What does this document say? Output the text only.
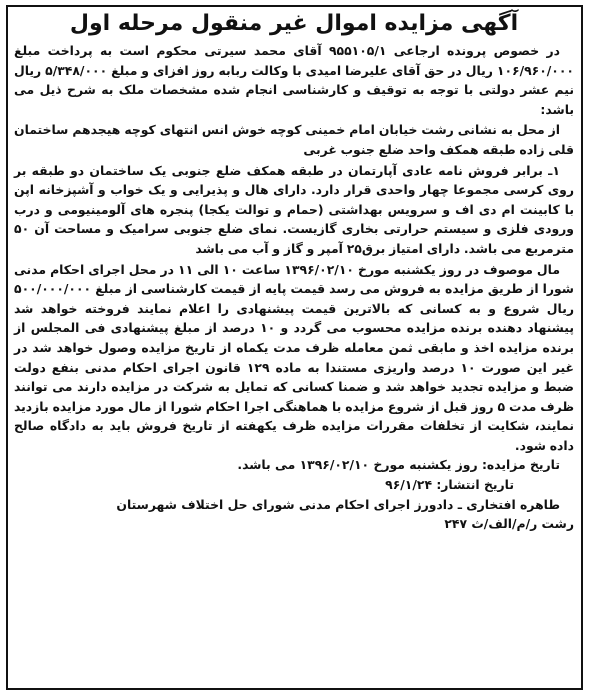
آگهی مزایده اموال غیر منقول مرحله اول

در خصوص پرونده ارجاعی ۹۵۵۱۰۵/۱ آقای محمد سیرتی محکوم است به پرداخت مبلغ ۱۰۶/۹۶۰/۰۰۰ ریال در حق آقای علیرضا امیدی با وکالت ربابه روز افزای و مبلغ ۵/۳۴۸/۰۰۰ ریال نیم عشر دولتی با توجه به توقیف و کارشناسی انجام شده مشخصات ملک به شرح ذیل می باشد:

از محل به نشانی رشت خیابان امام خمینی کوچه خوش انس انتهای کوچه هیجدهم ساختمان قلی زاده طبقه همکف واحد ضلع جنوب غربی

۱ـ برابر فروش نامه عادی آپارتمان در طبقه همکف ضلع جنوبی یک ساختمان دو طبقه بر روی کرسی مجموعا چهار واحدی قرار دارد. دارای هال و پذیرایی و یک خواب و آشپزخانه اپن با کابینت ام دی اف و سرویس بهداشتی (حمام و توالت یکجا) پنجره های آلومینیومی و درب ورودی فلزی و سیستم حرارتی بخاری گازیست. نمای ضلع جنوبی سرامیک و مساحت آن ۵۰ مترمربع می باشد. دارای امتیاز برق۲۵ آمپر و گاز و آب می باشد

مال موصوف در روز یکشنبه مورخ ۱۳۹۶/۰۲/۱۰ ساعت ۱۰ الی ۱۱ در محل اجرای احکام مدنی شورا از طریق مزایده به فروش می رسد قیمت پایه از قیمت کارشناسی از مبلغ ۵۰۰/۰۰۰/۰۰۰ ریال شروع و به کسانی که بالاترین قیمت پیشنهادی را اعلام نمایند فروخته خواهد شد پیشنهاد دهنده برنده مزایده محسوب می گردد و ۱۰ درصد از مبلغ پیشنهادی فی المجلس از برنده مزایده اخذ و مابقی ثمن معامله ظرف مدت یکماه از تاریخ مزایده وصول خواهد شد در غیر این صورت ۱۰ درصد واریزی مستندا به ماده ۱۲۹ قانون اجرای احکام مدنی بنفع دولت ضبط و مزایده تجدید خواهد شد و ضمنا کسانی که تمایل به شرکت در مزایده دارند می توانند ظرف مدت ۵ روز قبل از شروع مزایده با هماهنگی اجرا احکام شورا از مال مورد مزایده بازدید نمایند، شکایت از تخلفات مقررات مزایده ظرف یکهفته از تاریخ فروش باید به دادگاه صالح داده شود.

تاریخ مزایده: روز یکشنبه مورخ ۱۳۹۶/۰۲/۱۰ می باشد.

تاریخ انتشار: ۹۶/۱/۲۴

طاهره افتخاری ـ دادورز اجرای احکام مدنی شورای حل اختلاف شهرستان

رشت ر/م/الف/ث ۲۴۷
